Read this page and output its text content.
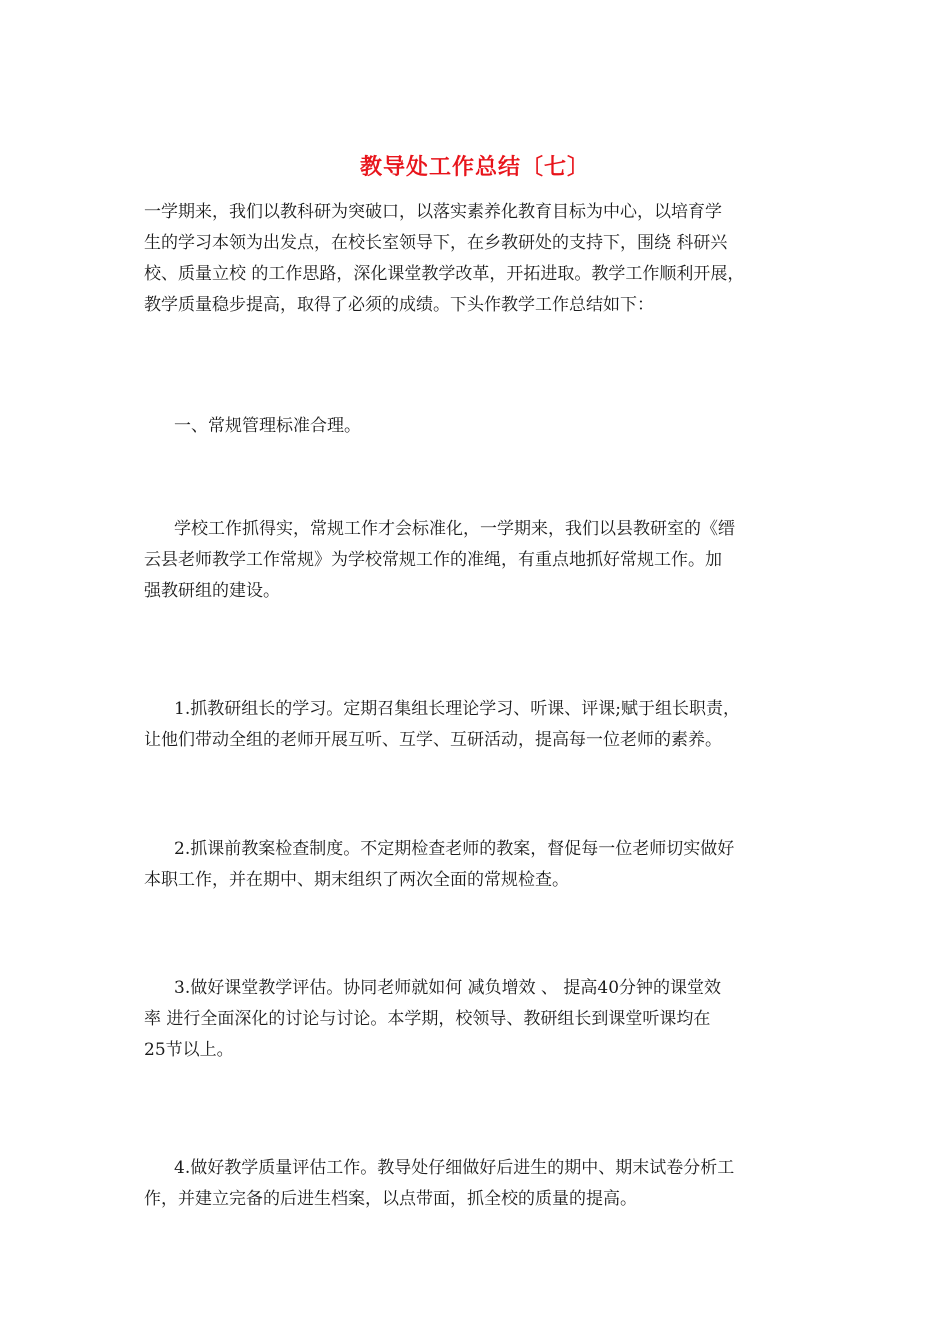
教导处工作总结〔七〕
一学期来，我们以教科研为突破口，以落实素养化教育目标为中心，以培育学
生的学习本领为出发点，在校长室领导下，在乡教研处的支持下，围绕 科研兴
校、质量立校 的工作思路，深化课堂教学改革，开拓进取。教学工作顺利开展，
教学质量稳步提高，取得了必须的成绩。下头作教学工作总结如下：
一、常规管理标准合理。
学校工作抓得实，常规工作才会标准化，一学期来，我们以县教研室的《缙
云县老师教学工作常规》为学校常规工作的准绳，有重点地抓好常规工作。加
强教研组的建设。
1.抓教研组长的学习。定期召集组长理论学习、听课、评课;赋于组长职责，
让他们带动全组的老师开展互听、互学、互研活动，提高每一位老师的素养。
2.抓课前教案检查制度。不定期检查老师的教案，督促每一位老师切实做好
本职工作，并在期中、期末组织了两次全面的常规检查。
3.做好课堂教学评估。协同老师就如何 减负增效 、 提高40分钟的课堂效
率 进行全面深化的讨论与讨论。本学期，校领导、教研组长到课堂听课均在
25节以上。
4.做好教学质量评估工作。教导处仔细做好后进生的期中、期末试卷分析工
作，并建立完备的后进生档案，以点带面，抓全校的质量的提高。
